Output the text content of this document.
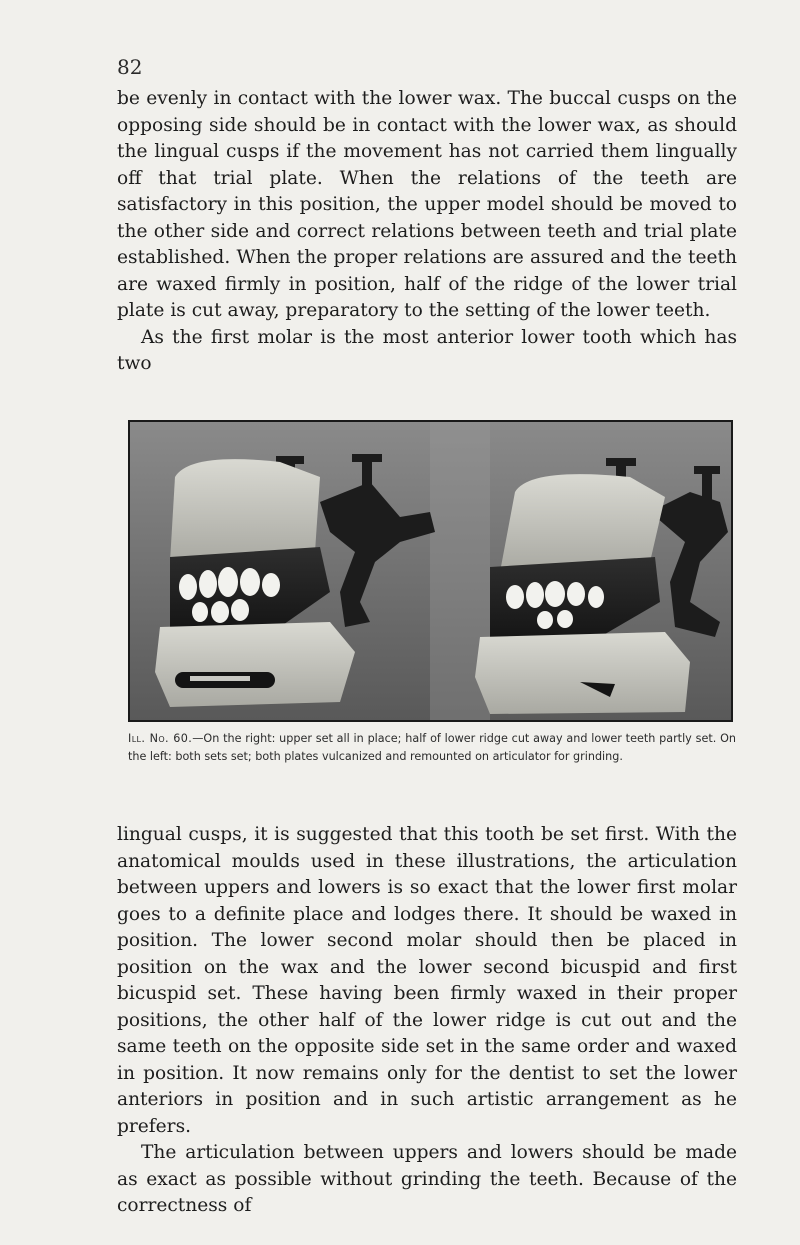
82

be evenly in contact with the lower wax. The buccal cusps on the opposing side should be in contact with the lower wax, as should the lingual cusps if the movement has not carried them lingually off that trial plate. When the relations of the teeth are satisfactory in this position, the upper model should be moved to the other side and correct relations between teeth and trial plate established. When the proper relations are assured and the teeth are waxed firmly in position, half of the ridge of the lower trial plate is cut away, preparatory to the setting of the lower teeth.

As the first molar is the most anterior lower tooth which has two

Ill. No. 60.—On the right: upper set all in place; half of lower ridge cut away and lower teeth partly set. On the left: both sets set; both plates vulcanized and remounted on articulator for grinding.

lingual cusps, it is suggested that this tooth be set first. With the anatomical moulds used in these illustrations, the articulation between uppers and lowers is so exact that the lower first molar goes to a definite place and lodges there. It should be waxed in position. The lower second molar should then be placed in position on the wax and the lower second bicuspid and first bicuspid set. These having been firmly waxed in their proper positions, the other half of the lower ridge is cut out and the same teeth on the opposite side set in the same order and waxed in position. It now remains only for the dentist to set the lower anteriors in position and in such artistic arrangement as he prefers.

The articulation between uppers and lowers should be made as exact as possible without grinding the teeth. Because of the correctness of
